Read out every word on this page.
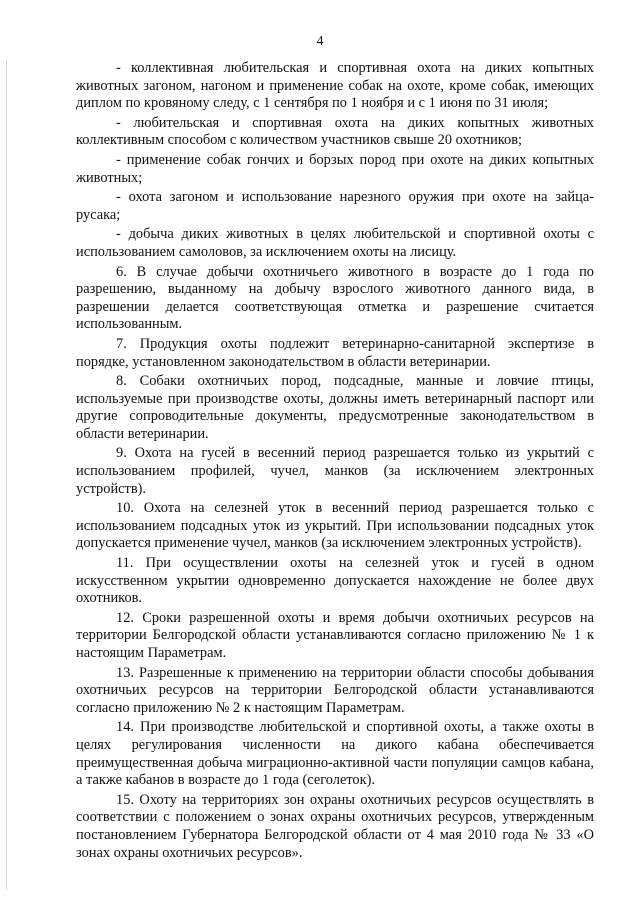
4

- коллективная любительская и спортивная охота на диких копытных животных загоном, нагоном и применение собак на охоте, кроме собак, имеющих диплом по кровяному следу, с 1 сентября по 1 ноября и с 1 июня по 31 июля;

- любительская и спортивная охота на диких копытных животных коллективным способом с количеством участников свыше 20 охотников;

- применение собак гончих и борзых пород при охоте на диких копытных животных;

- охота загоном и использование нарезного оружия при охоте на зайца-русака;

- добыча диких животных в целях любительской и спортивной охоты с использованием самоловов, за исключением охоты на лисицу.

6. В случае добычи охотничьего животного в возрасте до 1 года по разрешению, выданному на добычу взрослого животного данного вида, в разрешении делается соответствующая отметка и разрешение считается использованным.

7. Продукция охоты подлежит ветеринарно-санитарной экспертизе в порядке, установленном законодательством в области ветеринарии.

8. Собаки охотничьих пород, подсадные, манные и ловчие птицы, используемые при производстве охоты, должны иметь ветеринарный паспорт или другие сопроводительные документы, предусмотренные законодательством в области ветеринарии.

9. Охота на гусей в весенний период разрешается только из укрытий с использованием профилей, чучел, манков (за исключением электронных устройств).

10. Охота на селезней уток в весенний период разрешается только с использованием подсадных уток из укрытий. При использовании подсадных уток допускается применение чучел, манков (за исключением электронных устройств).

11. При осуществлении охоты на селезней уток и гусей в одном искусственном укрытии одновременно допускается нахождение не более двух охотников.

12. Сроки разрешенной охоты и время добычи охотничьих ресурсов на территории Белгородской области устанавливаются согласно приложению № 1 к настоящим Параметрам.

13. Разрешенные к применению на территории области способы добывания охотничьих ресурсов на территории Белгородской области устанавливаются согласно приложению № 2 к настоящим Параметрам.

14. При производстве любительской и спортивной охоты, а также охоты в целях регулирования численности на дикого кабана обеспечивается преимущественная добыча миграционно-активной части популяции самцов кабана, а также кабанов в возрасте до 1 года (сеголеток).

15. Охоту на территориях зон охраны охотничьих ресурсов осуществлять в соответствии с положением о зонах охраны охотничьих ресурсов, утвержденным постановлением Губернатора Белгородской области от 4 мая 2010 года № 33 «О зонах охраны охотничьих ресурсов».
